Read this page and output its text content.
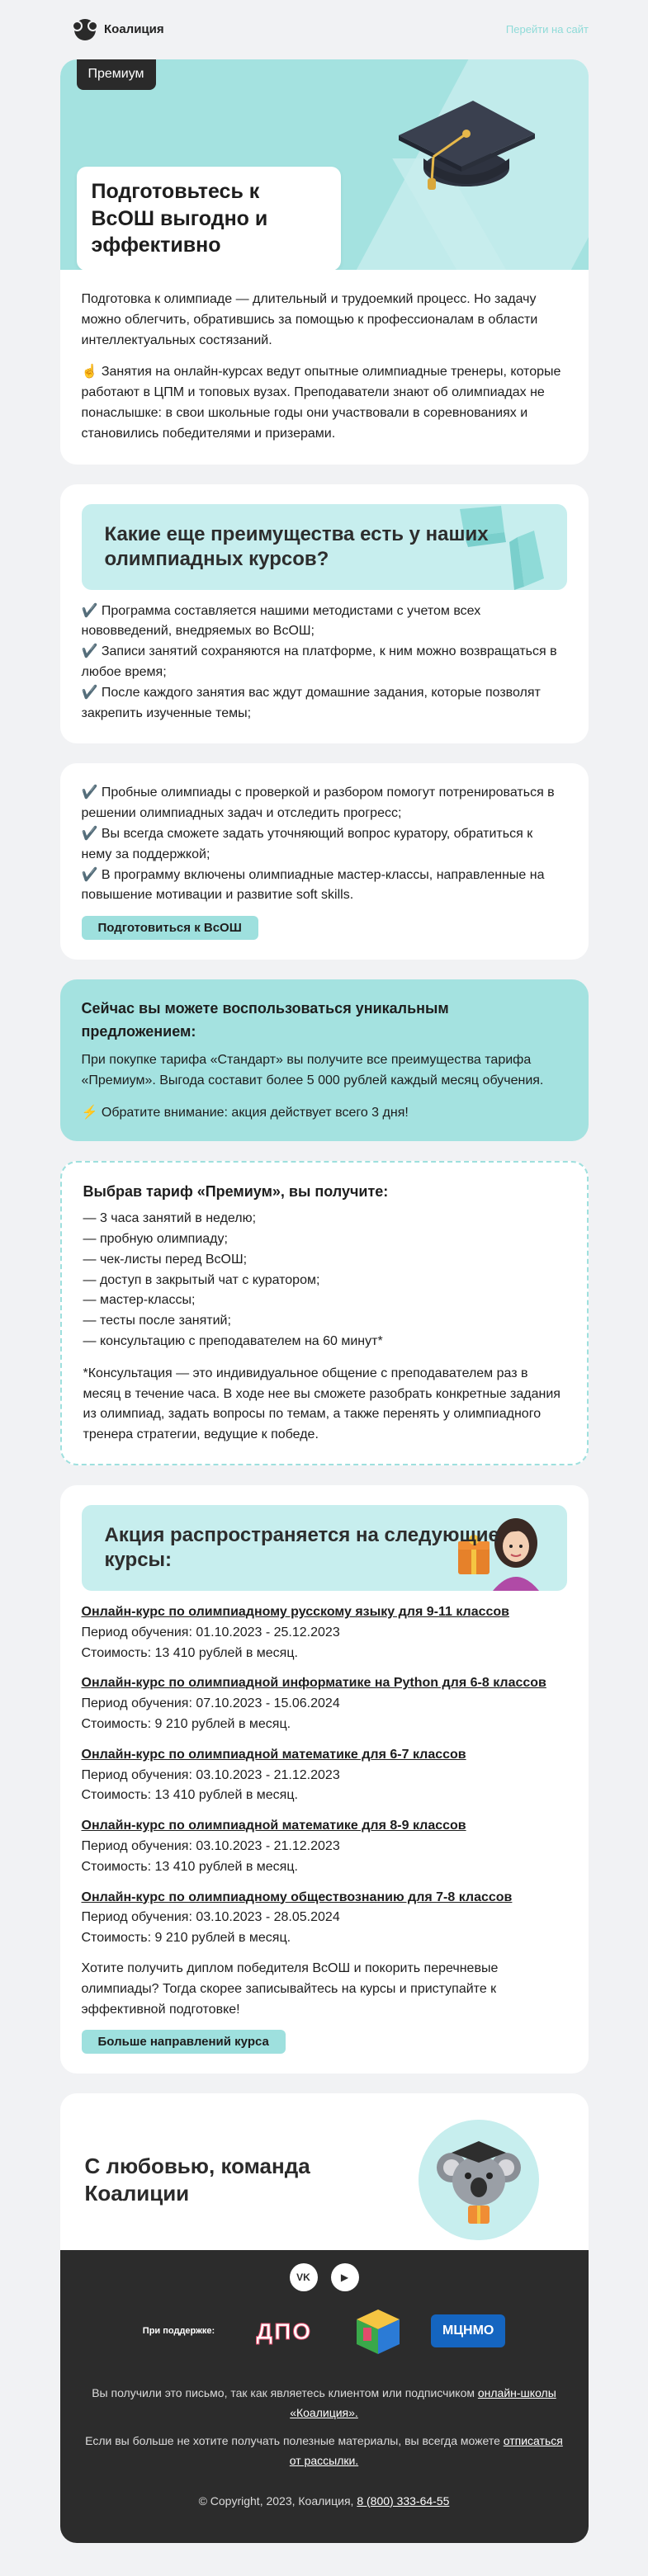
Коалиция	Перейти на сайт
Премиум
Подготовьтесь к ВсОШ выгодно и эффективно

Подготовка к олимпиаде — длительный и трудоемкий процесс. Но задачу можно облегчить, обратившись за помощью к профессионалам в области интеллектуальных состязаний.

☝️ Занятия на онлайн-курсах ведут опытные олимпиадные тренеры, которые работают в ЦПМ и топовых вузах. Преподаватели знают об олимпиадах не понаслышке: в свои школьные годы они участвовали в соревнованиях и становились победителями и призерами.

Какие еще преимущества есть у наших олимпиадных курсов?

✔️ Программа составляется нашими методистами с учетом всех нововведений, внедряемых во ВсОШ;

✔️ Записи занятий сохраняются на платформе, к ним можно возвращаться в любое время;

✔️ После каждого занятия вас ждут домашние задания, которые позволят закрепить изученные темы;

✔️ Пробные олимпиады с проверкой и разбором помогут потренироваться в решении олимпиадных задач и отследить прогресс;

✔️ Вы всегда сможете задать уточняющий вопрос куратору, обратиться к нему за поддержкой;

✔️ В программу включены олимпиадные мастер-классы, направленные на повышение мотивации и развитие soft skills.

Подготовиться к ВсОШ
Сейчас вы можете воспользоваться уникальным предложением:

При покупке тарифа «Стандарт» вы получите все преимущества тарифа «Премиум». Выгода составит более 5 000 рублей каждый месяц обучения.

⚡️ Обратите внимание: акция действует всего 3 дня!

Выбрав тариф «Премиум», вы получите:

— 3 часа занятий в неделю;

— пробную олимпиаду;

— чек-листы перед ВсОШ;

— доступ в закрытый чат с куратором;

— мастер-классы;

— тесты после занятий;

— консультацию с преподавателем на 60 минут*

*Консультация — это индивидуальное общение с преподавателем раз в месяц в течение часа. В ходе нее вы сможете разобрать конкретные задания из олимпиад, задать вопросы по темам, а также перенять у олимпиадного тренера стратегии, ведущие к победе.

Акция распространяется на следующие курсы:
Онлайн-курс по олимпиадному русскому языку для 9-11 классов

Период обучения: 01.10.2023 - 25.12.2023

Стоимость: 13 410 рублей в месяц.

Онлайн-курс по олимпиадной информатике на Python для 6-8 классов

Период обучения: 07.10.2023 - 15.06.2024

Стоимость: 9 210 рублей в месяц.

Онлайн-курс по олимпиадной математике для 6-7 классов

Период обучения: 03.10.2023 - 21.12.2023

Стоимость: 13 410 рублей в месяц.

Онлайн-курс по олимпиадной математике для 8-9 классов

Период обучения: 03.10.2023 - 21.12.2023

Стоимость: 13 410 рублей в месяц.

Онлайн-курс по олимпиадному обществознанию для 7-8 классов

Период обучения: 03.10.2023 - 28.05.2024

Стоимость: 9 210 рублей в месяц.

Хотите получить диплом победителя ВсОШ и покорить перечневые олимпиады? Тогда скорее записывайтесь на курсы и приступайте к эффективной подготовке!

Больше направлений курса
С любовью, команда Коалиции
VK	▶
При поддержке:	ДПО	МЦНМО

Вы получили это письмо, так как являетесь клиентом или подписчиком онлайн-школы «Коалиция».

Если вы больше не хотите получать полезные материалы, вы всегда можете отписаться от рассылки.

© Copyright, 2023, Коалиция, 8 (800) 333-64-55
